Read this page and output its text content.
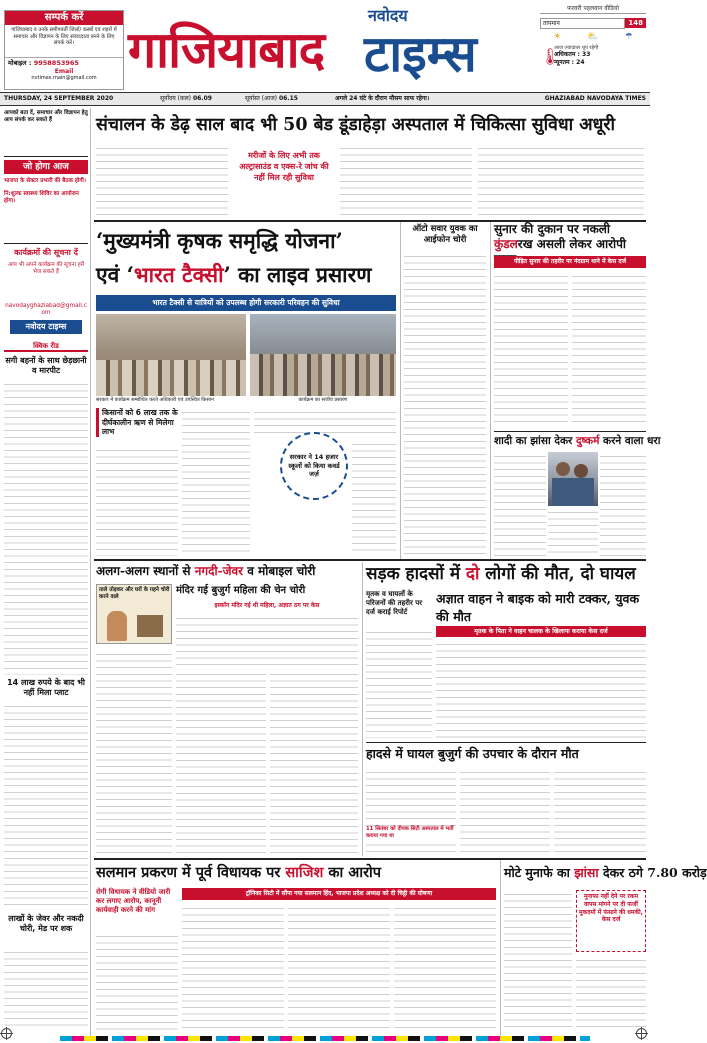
सम्पर्क करें
गाजियाबाद व उनके समीपवर्ती जिलों/ कस्बों एवं शहरों में समाचार और विज्ञापन के लिए संवाददाता बनने के लिए संपर्क करें।
मोबाइल : 9958853965
Email
nvtimes.main@gmail.com
नवोदय
गाजियाबाद टाइम्स
फरवरी पहलवान वीडियो
तापमान	148
☀	⛅	☂
🌡
आज ज्यादातर धूप रहेगी
अधिकतम : 33
न्यूनतम : 24
THURSDAY, 24 SEPTEMBER 2020	सूर्योदय (कल) 06.09	सूर्यास्त (आज) 06.15	अगले 24 घंटे के दौरान मौसम साफ रहेगा।	GHAZIABAD NAVODAYA TIMES
आपको बता दें, समाचार और विज्ञापन हेतु आप संपर्क कर सकते हैं
जो होगा आज
भाजपा के सेक्टर प्रभारी की बैठक होगी।
नि:शुल्क स्वास्थ्य शिविर का आयोजन होगा।
कार्यक्रमों की सूचना दें
आप भी अपने कार्यक्रम की सूचना हमें भेज सकते हैं
navodayghaziabad@gmail.com
नवोदय टाइम्स
क्विक रीड
सगी बहनों के साथ छेड़छानी व मारपीट
14 लाख रुपये के बाद भी नहीं मिला प्लाट
लाखों के जेवर और नकदी चोरी, मेड पर शक
संचालन के डेढ़ साल बाद भी 50 बेड डूंडाहेड़ा अस्पताल में चिकित्सा सुविधा अधूरी
मरीजों के लिए अभी तक अल्ट्रासाउंड व एक्स-रे जांच की नहीं मिल रही सुविधा
‘मुख्यमंत्री कृषक समृद्धि योजना’
एवं ‘भारत टैक्सी’ का लाइव प्रसारण
भारत टैक्सी से यात्रियों को उपलब्ध होगी सरकारी परिवहन की सुविधा
सरकार में कार्यक्रम सम्बोधित करते अधिकारी एवं उपस्थित किसान	कार्यक्रम का सजीव प्रसारण
किसानों को 6 लाख तक के दीर्घकालीन ऋण से मिलेगा लाभ
सरकार ने 14 हजार स्कूलों को किया कवर्ड जर्ज़
ऑटो सवार युवक का आईफोन चोरी
सुनार की दुकान पर नकली कुंडलरख असली लेकर आरोपी
पीड़ित सुनार की तहरीर पर नंदग्राम थाने में केस दर्ज
शादी का झांसा देकर दुष्कर्म करने वाला धरा
अलग-अलग स्थानों से नगदी-जेवर व मोबाइल चोरी
ताले तोड़कर और घरों के ग़हने चोरी करने वाले
मंदिर गई बुजुर्ग महिला की चेन चोरी
इस्कॉन मंदिर गई थी महिला, अज्ञात ठग पर केस
सड़क हादसों में दो लोगों की मौत, दो घायल
मृतक व घायलों के परिजनों की तहरीर पर दर्ज कराई रिपोर्ट
अज्ञात वाहन ने बाइक को मारी टक्कर, युवक की मौत
मृतक के पिता ने वाहन चालक के खिलाफ कराया केस दर्ज
हादसे में घायल बुजुर्ग की उपचार के दौरान मौत
11 सितंबर को दीपक सिटी अस्पताल में भर्ती कराया गया था
सलमान प्रकरण में पूर्व विधायक पर साजिश का आरोप
रोगी विधायक ने वीडियो जारी कर लगाए आरोप, कानूनी कार्यवाही करने की मांग
ट्रॉनिका सिटी में सौंपा गया सलमान हिंद, भाजपा प्रदेश अध्यक्ष को दी चिट्ठी की घोषणा
मोटे मुनाफे का झांसा देकर ठगे 7.80 करोड़
मुनाफा नहीं देने पर रकम वापस मांगने पर दी फर्जी मुकदमों में फंसाने की धमकी, केस दर्ज
